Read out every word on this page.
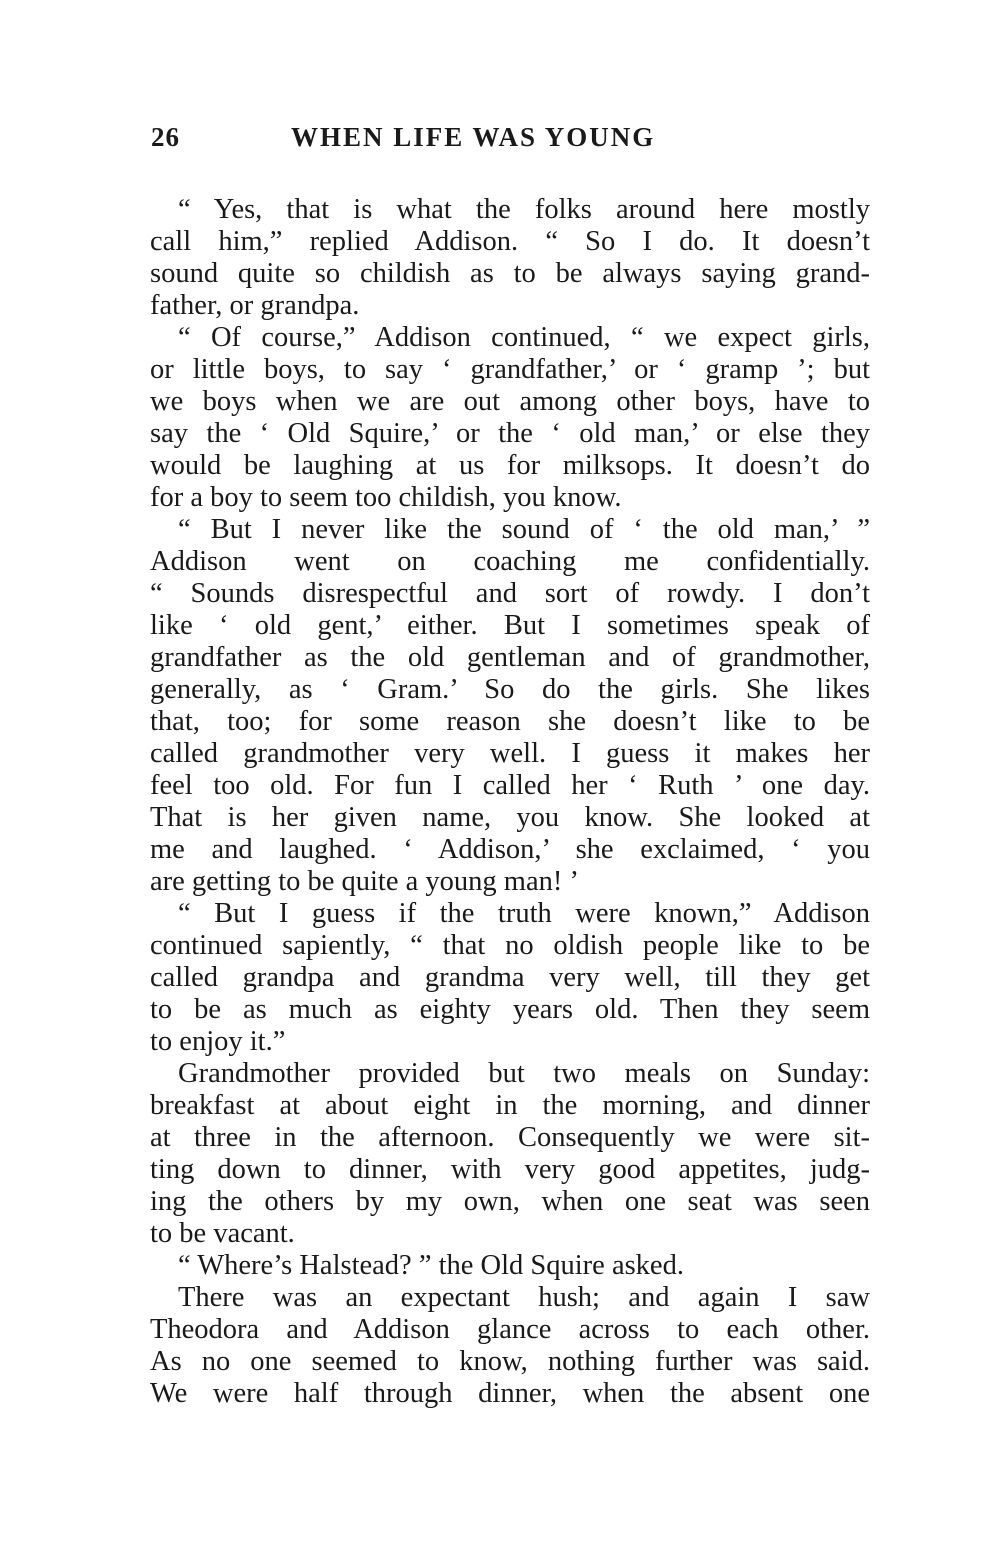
26	WHEN LIFE WAS YOUNG
“ Yes, that is what the folks around here mostly
call him,” replied Addison. “ So I do. It doesn’t
sound quite so childish as to be always saying grand-
father, or grandpa.
“ Of course,” Addison continued, “ we expect girls,
or little boys, to say ‘ grandfather,’ or ‘ gramp ’; but
we boys when we are out among other boys, have to
say the ‘ Old Squire,’ or the ‘ old man,’ or else they
would be laughing at us for milksops. It doesn’t do
for a boy to seem too childish, you know.
“ But I never like the sound of ‘ the old man,’ ”
Addison went on coaching me confidentially.
“ Sounds disrespectful and sort of rowdy. I don’t
like ‘ old gent,’ either. But I sometimes speak of
grandfather as the old gentleman and of grandmother,
generally, as ‘ Gram.’ So do the girls. She likes
that, too; for some reason she doesn’t like to be
called grandmother very well. I guess it makes her
feel too old. For fun I called her ‘ Ruth ’ one day.
That is her given name, you know. She looked at
me and laughed. ‘ Addison,’ she exclaimed, ‘ you
are getting to be quite a young man! ’
“ But I guess if the truth were known,” Addison
continued sapiently, “ that no oldish people like to be
called grandpa and grandma very well, till they get
to be as much as eighty years old. Then they seem
to enjoy it.”
Grandmother provided but two meals on Sunday:
breakfast at about eight in the morning, and dinner
at three in the afternoon. Consequently we were sit-
ting down to dinner, with very good appetites, judg-
ing the others by my own, when one seat was seen
to be vacant.
“ Where’s Halstead? ” the Old Squire asked.
There was an expectant hush; and again I saw
Theodora and Addison glance across to each other.
As no one seemed to know, nothing further was said.
We were half through dinner, when the absent one
